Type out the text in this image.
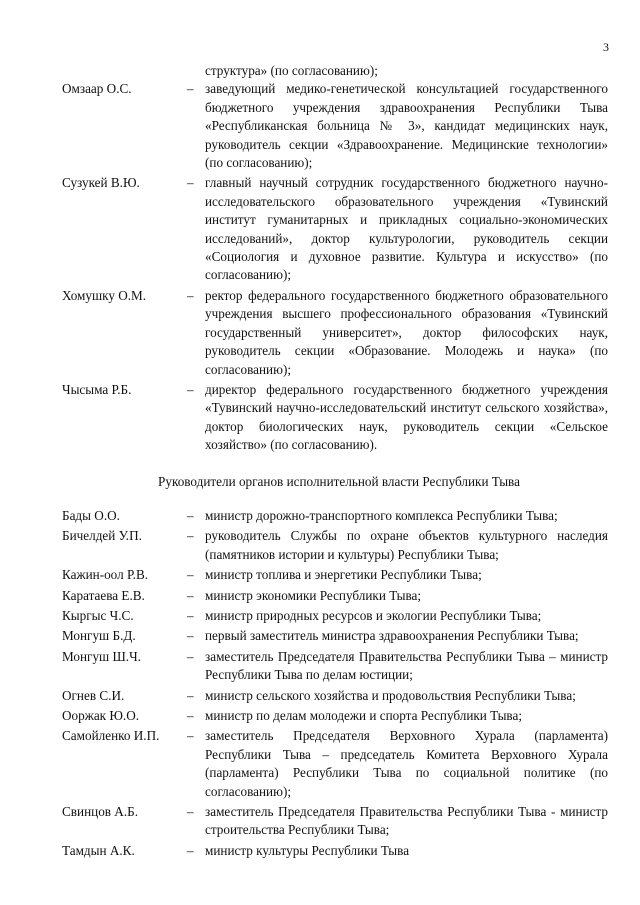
3
структура» (по согласованию);
Омзаар О.С.	– заведующий медико-генетической консультацией государственного бюджетного учреждения здравоохранения Республики Тыва «Республиканская больница № 3», кандидат медицинских наук, руководитель секции «Здравоохранение. Медицинские технологии» (по согласованию);
Сузукей В.Ю.	– главный научный сотрудник государственного бюджетного научно-исследовательского образовательного учреждения «Тувинский институт гуманитарных и прикладных социально-экономических исследований», доктор культурологии, руководитель секции «Социология и духовное развитие. Культура и искусство» (по согласованию);
Хомушку О.М.	– ректор федерального государственного бюджетного образовательного учреждения высшего профессионального образования «Тувинский государственный университет», доктор философских наук, руководитель секции «Образование. Молодежь и наука» (по согласованию);
Чысыма Р.Б.	– директор федерального государственного бюджетного учреждения «Тувинский научно-исследовательский институт сельского хозяйства», доктор биологических наук, руководитель секции «Сельское хозяйство» (по согласованию).
Руководители органов исполнительной власти Республики Тыва
Бады О.О.	– министр дорожно-транспортного комплекса Республики Тыва;
Бичелдей У.П.	– руководитель Службы по охране объектов культурного наследия (памятников истории и культуры) Республики Тыва;
Кажин-оол Р.В.	– министр топлива и энергетики Республики Тыва;
Каратаева Е.В.	– министр экономики Республики Тыва;
Кыргыс Ч.С.	– министр природных ресурсов и экологии Республики Тыва;
Монгуш Б.Д.	– первый заместитель министра здравоохранения Республики Тыва;
Монгуш Ш.Ч.	– заместитель Председателя Правительства Республики Тыва – министр Республики Тыва по делам юстиции;
Огнев С.И.	– министр сельского хозяйства и продовольствия Республики Тыва;
Ооржак Ю.О.	– министр по делам молодежи и спорта Республики Тыва;
Самойленко И.П.	– заместитель Председателя Верховного Хурала (парламента) Республики Тыва – председатель Комитета Верховного Хурала (парламента) Республики Тыва по социальной политике (по согласованию);
Свинцов А.Б.	– заместитель Председателя Правительства Республики Тыва - министр строительства Республики Тыва;
Тамдын А.К.	– министр культуры Республики Тыва
